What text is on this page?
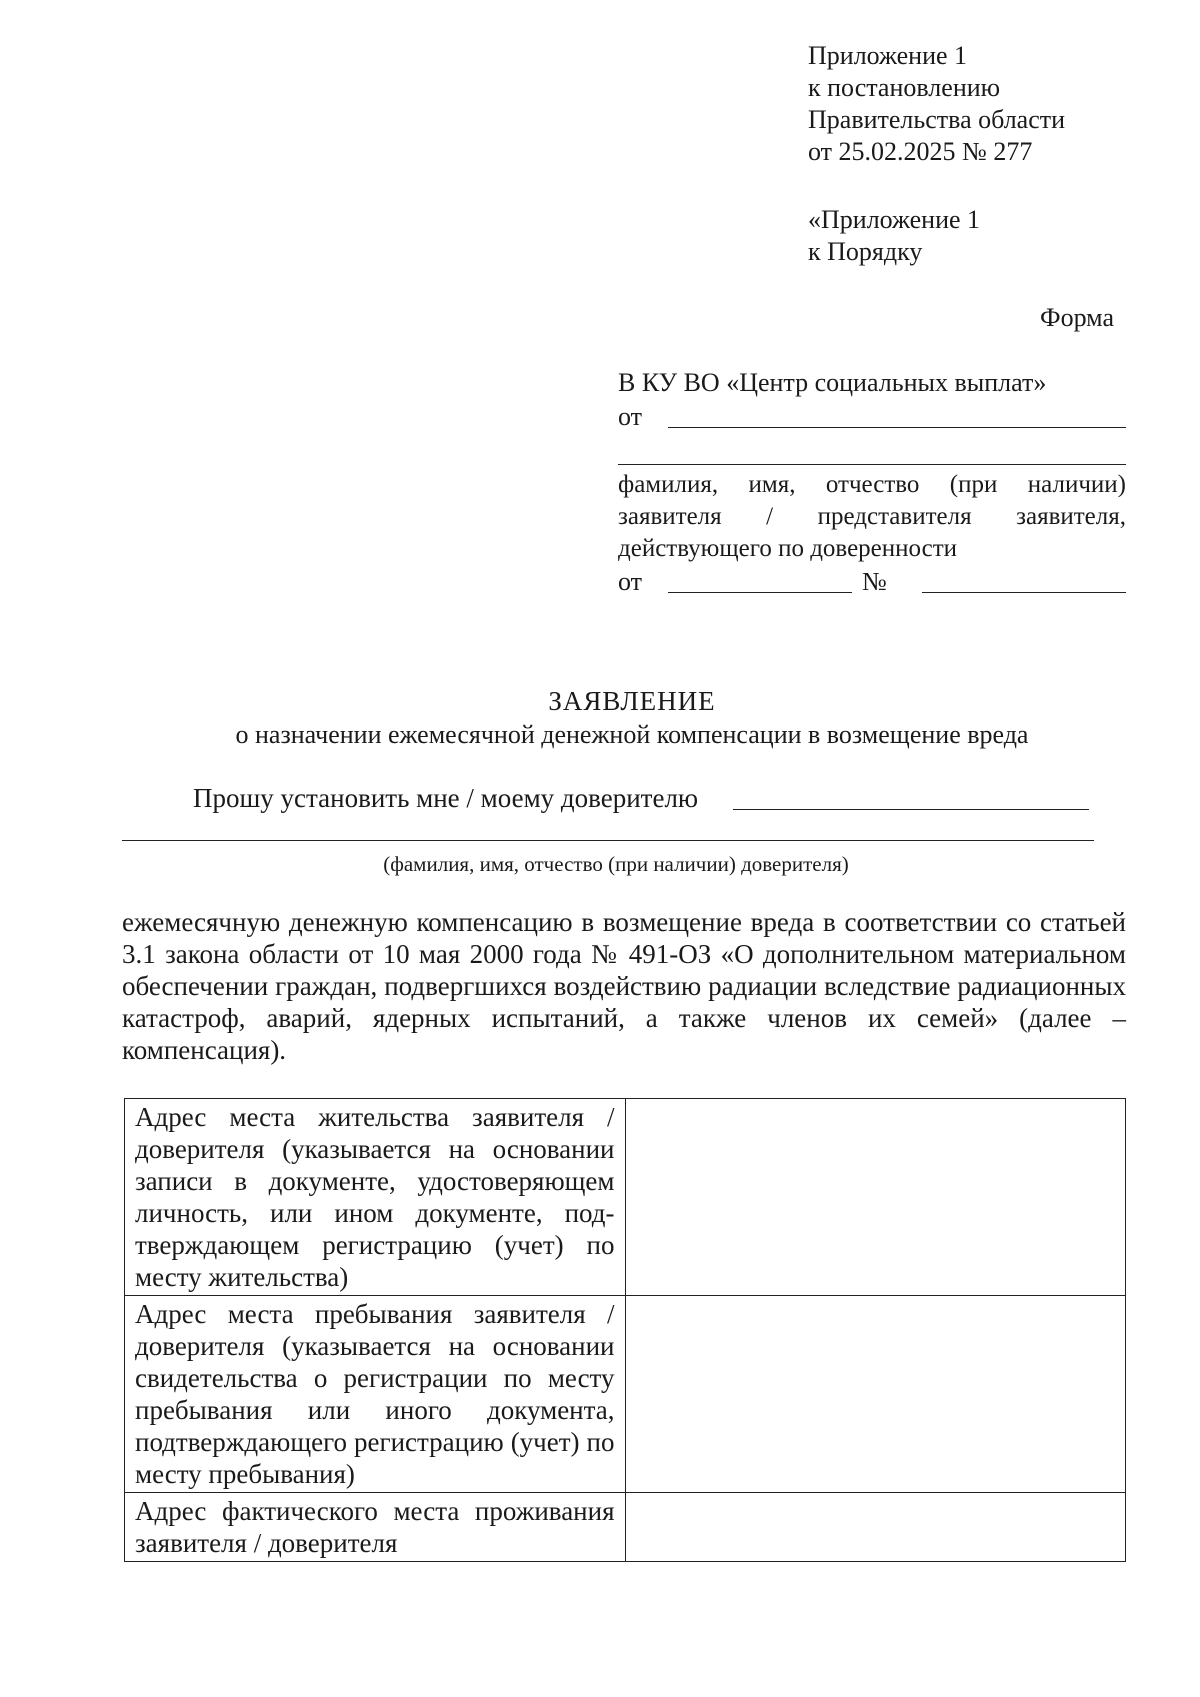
Приложение 1
к постановлению
Правительства области
от 25.02.2025 № 277
«Приложение 1
к Порядку
Форма
В КУ ВО «Центр социальных выплат»
от
фамилия, имя, отчество (при наличии) заявителя / представителя заявителя, действующего по доверенности
от	№
ЗАЯВЛЕНИЕ
о назначении ежемесячной денежной компенсации в возмещение вреда
Прошу установить мне / моему доверителю
(фамилия, имя, отчество (при наличии) доверителя)
ежемесячную денежную компенсацию в возмещение вреда в соответствии со статьей 3.1 закона области от 10 мая 2000 года № 491-ОЗ «О дополнительном материальном обеспечении граждан, подвергшихся воздействию радиации вследствие радиационных катастроф, аварий, ядерных испытаний, а также членов их семей» (далее – компенсация).
Адрес места жительства заявителя / доверителя (указывается на основании записи в документе, удостоверяющем личность, или ином документе, подтверждающем регистрацию (учет) по месту жительства)	
Адрес места пребывания заявителя / доверителя (указывается на основании свидетельства о регистрации по месту пребывания или иного документа, подтверждающего регистрацию (учет) по месту пребывания)	
Адрес фактического места проживания заявителя / доверителя	
